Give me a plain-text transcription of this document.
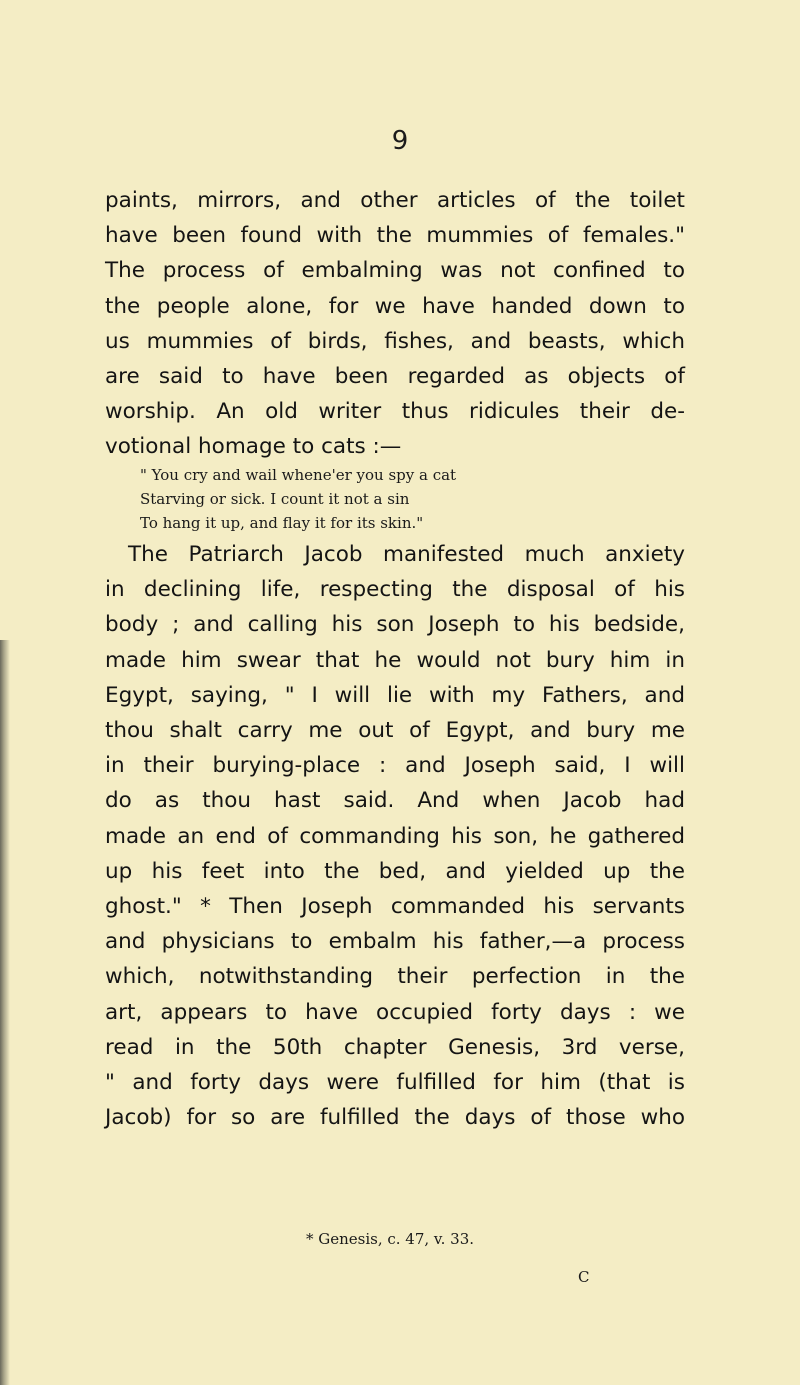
9
paints, mirrors, and other articles of the toilet
have been found with the mummies of females."
The process of embalming was not confined to
the people alone, for we have handed down to
us mummies of birds, fishes, and beasts, which
are said to have been regarded as objects of
worship. An old writer thus ridicules their de-
votional homage to cats :—
" You cry and wail whene'er you spy a cat
Starving or sick. I count it not a sin
To hang it up, and flay it for its skin."
The Patriarch Jacob manifested much anxiety
in declining life, respecting the disposal of his
body ; and calling his son Joseph to his bedside,
made him swear that he would not bury him in
Egypt, saying, " I will lie with my Fathers, and
thou shalt carry me out of Egypt, and bury me
in their burying-place : and Joseph said, I will
do as thou hast said. And when Jacob had
made an end of commanding his son, he gathered
up his feet into the bed, and yielded up the
ghost." * Then Joseph commanded his servants
and physicians to embalm his father,—a process
which, notwithstanding their perfection in the
art, appears to have occupied forty days : we
read in the 50th chapter Genesis, 3rd verse,
" and forty days were fulfilled for him (that is
Jacob) for so are fulfilled the days of those who
* Genesis, c. 47, v. 33.
C
